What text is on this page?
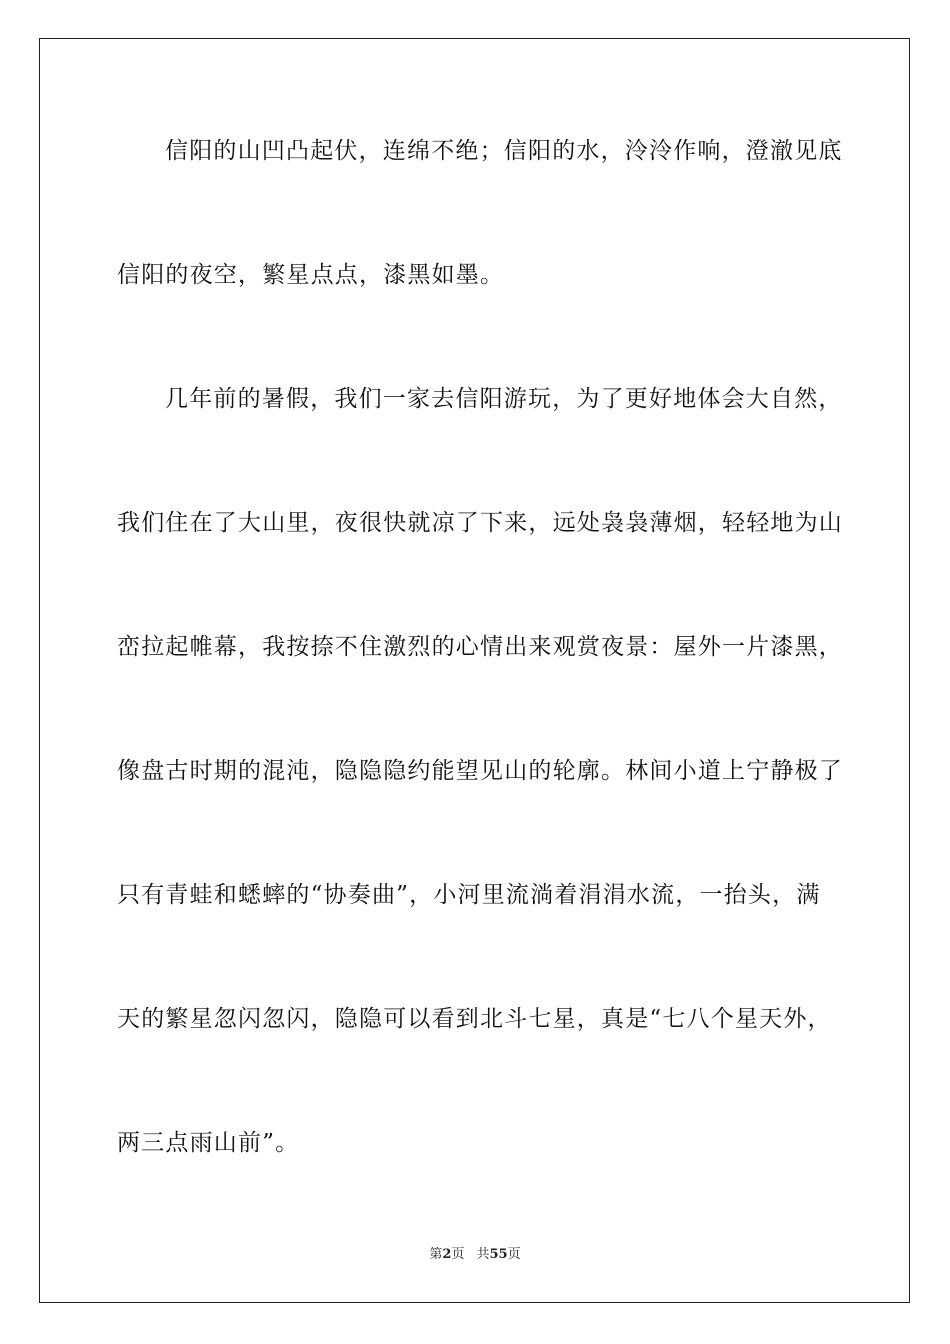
信阳的山凹凸起伏，连绵不绝；信阳的水，泠泠作响，澄澈见底
信阳的夜空，繁星点点，漆黑如墨。
几年前的暑假，我们一家去信阳游玩，为了更好地体会大自然，
我们住在了大山里，夜很快就凉了下来，远处袅袅薄烟，轻轻地为山
峦拉起帷幕，我按捺不住激烈的心情出来观赏夜景：屋外一片漆黑，
像盘古时期的混沌，隐隐隐约能望见山的轮廓。林间小道上宁静极了
只有青蛙和蟋蟀的“协奏曲”，小河里流淌着涓涓水流，一抬头，满
天的繁星忽闪忽闪，隐隐可以看到北斗七星，真是“七八个星天外，
两三点雨山前”。
第2页 共55页
